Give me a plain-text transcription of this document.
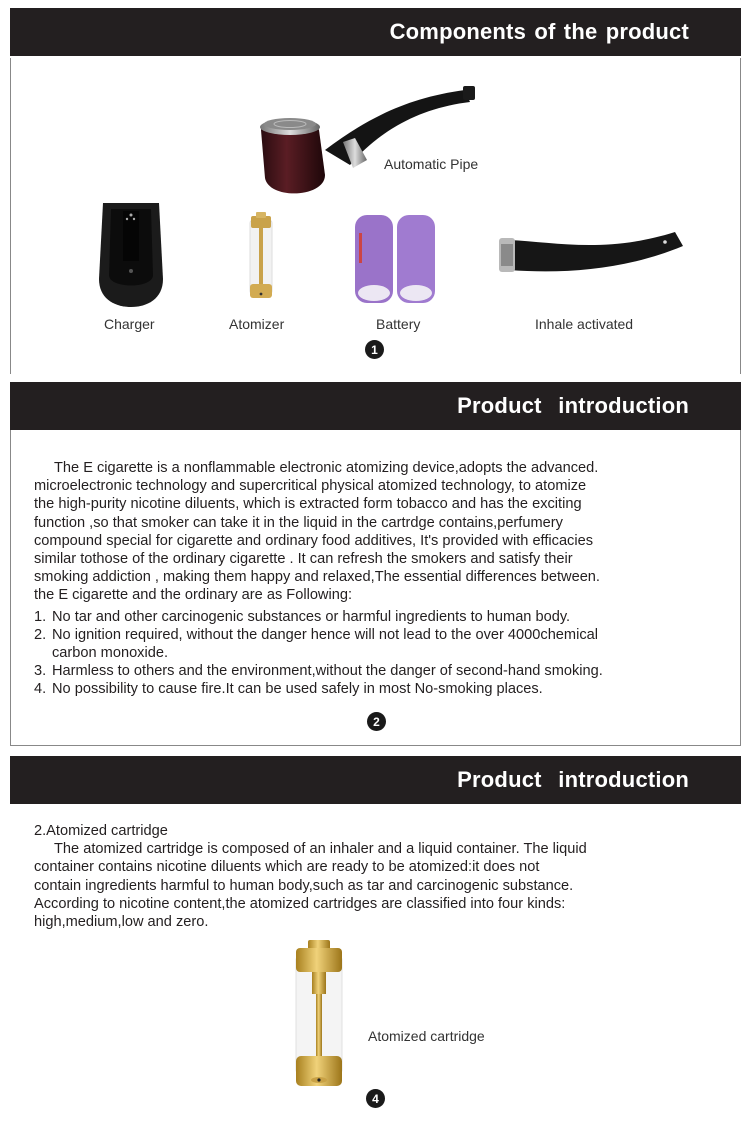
Components of the product
Automatic Pipe
Charger	Atomizer	Battery	Inhale activated
1
Product  introduction

The E cigarette is a nonflammable electronic atomizing device,adopts the advanced.

microelectronic technology and supercritical physical atomized technology, to atomize

the high-purity nicotine diluents, which is extracted form tobacco and has the exciting

function ,so that smoker can take it in the liquid in the cartrdge contains,perfumery

compound special for cigarette and ordinary food additives, It's provided with efficacies

similar tothose of the ordinary cigarette . It can refresh the smokers and satisfy their

smoking addiction , making them happy and relaxed,The essential differences between.

the E cigarette and the ordinary are as Following:

1. No tar and other carcinogenic substances or harmful ingredients to human body.
2. No ignition required, without the danger hence will not lead to the over 4000chemical
carbon monoxide.
3. Harmless to others and the environment,without the danger of second-hand smoking.
4. No possibility to cause fire.It can be used safely in most No-smoking places.
2
Product  introduction

2.Atomized cartridge

The atomized cartridge is composed of an inhaler and a liquid container. The liquid

container contains nicotine diluents which are ready to be atomized:it does not

contain ingredients harmful to human body,such as tar and carcinogenic substance.

According to nicotine content,the atomized cartridges are classified into four kinds:

high,medium,low and zero.

Atomized cartridge
4
